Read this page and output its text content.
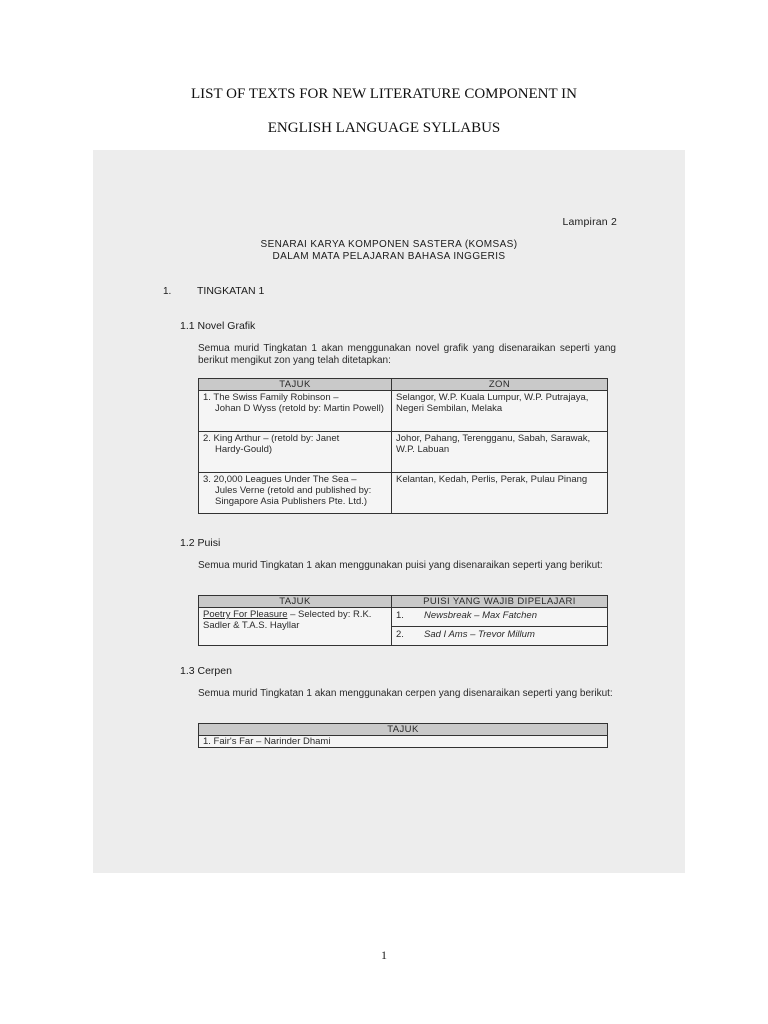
LIST OF TEXTS FOR NEW LITERATURE COMPONENT IN
ENGLISH LANGUAGE SYLLABUS
Lampiran 2
SENARAI KARYA KOMPONEN SASTERA (KOMSAS)
DALAM MATA PELAJARAN BAHASA INGGERIS
1. TINGKATAN 1
1.1 Novel Grafik
Semua murid Tingkatan 1 akan menggunakan novel grafik yang disenaraikan seperti yang berikut mengikut zon yang telah ditetapkan:
TAJUK	ZON

1. The Swiss Family Robinson –
Johan D Wyss (retold by: Martin Powell)	Selangor, W.P. Kuala Lumpur, W.P. Putrajaya, Negeri Sembilan, Melaka

2. King Arthur – (retold by: Janet
Hardy-Gould)	Johor, Pahang, Terengganu, Sabah, Sarawak, W.P. Labuan

3. 20,000 Leagues Under The Sea –
Jules Verne (retold and published by: Singapore Asia Publishers Pte. Ltd.)	Kelantan, Kedah, Perlis, Perak, Pulau Pinang
1.2 Puisi
Semua murid Tingkatan 1 akan menggunakan puisi yang disenaraikan seperti yang berikut:
TAJUK	PUISI YANG WAJIB DIPELAJARI
Poetry For Pleasure – Selected by: R.K. Sadler & T.A.S. Hayllar	1. Newsbreak – Max Fatchen
	2. Sad I Ams – Trevor Millum
1.3 Cerpen
Semua murid Tingkatan 1 akan menggunakan cerpen yang disenaraikan seperti yang berikut:
TAJUK
1. Fair's Far – Narinder Dhami
1
